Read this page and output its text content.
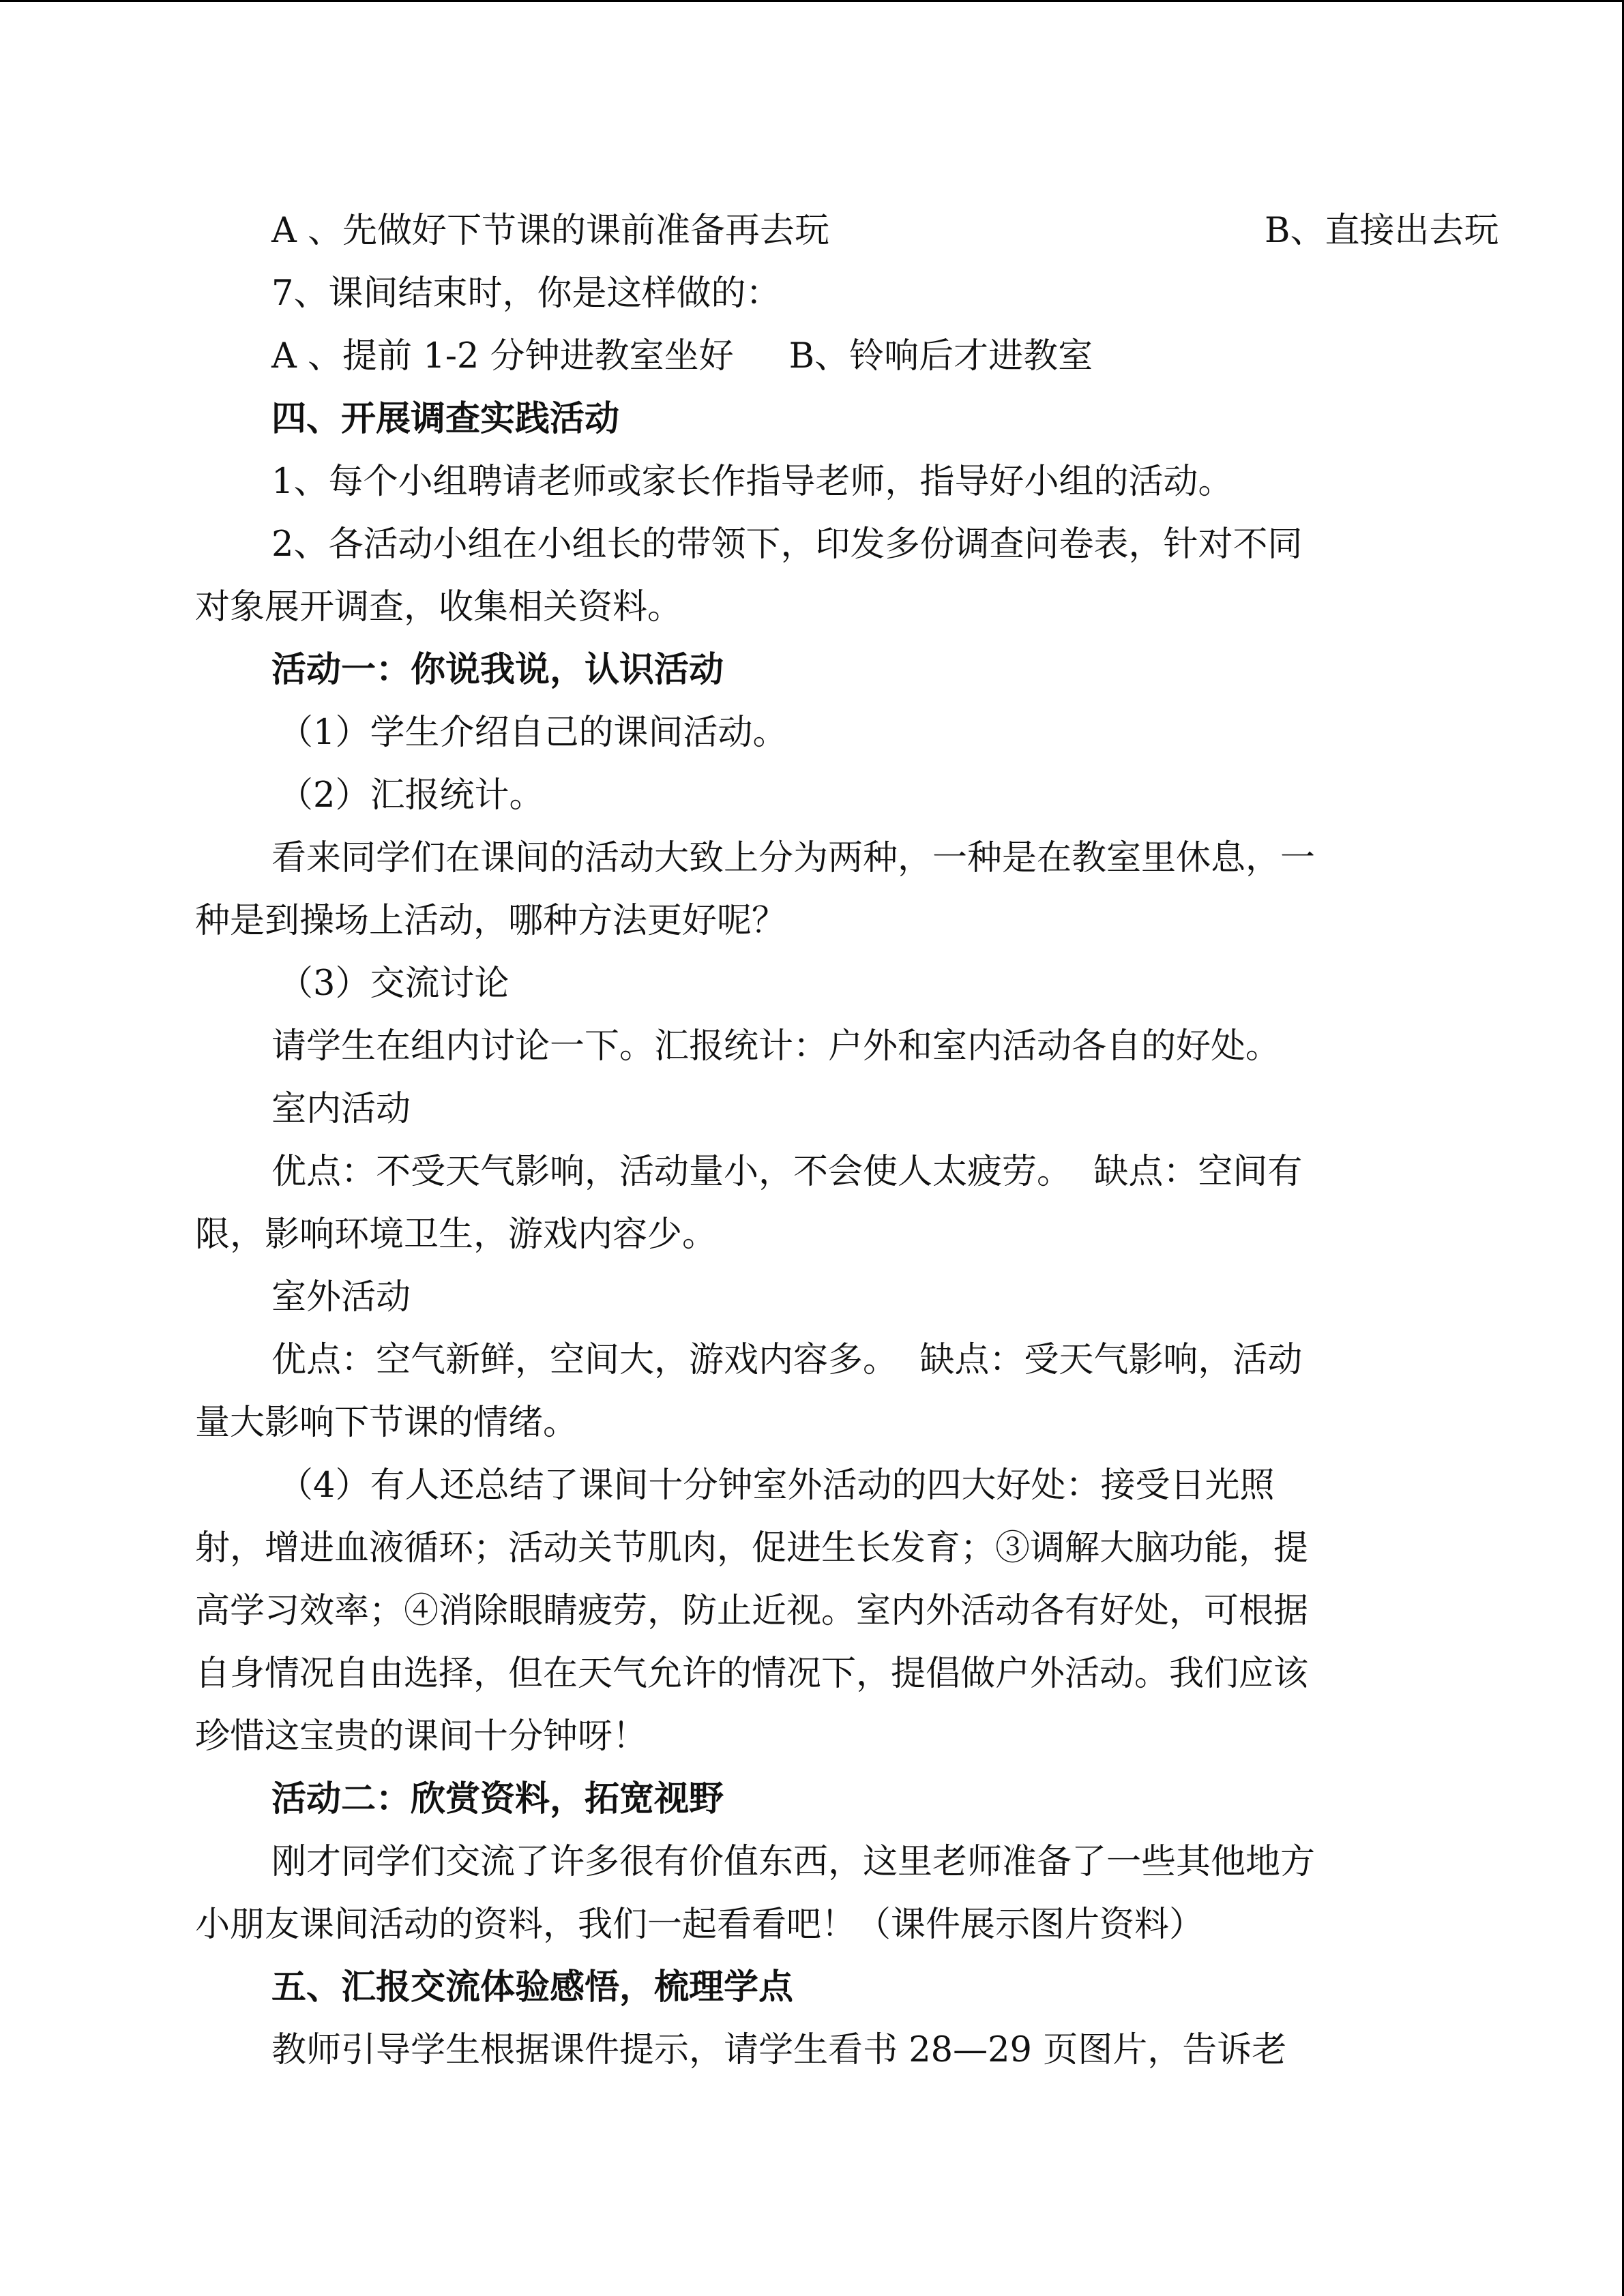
A 、先做好下节课的课前准备再去玩	B、直接出去玩
7、课间结束时，你是这样做的：
A 、提前 1-2 分钟进教室坐好     B、铃响后才进教室
四、开展调查实践活动
1、每个小组聘请老师或家长作指导老师，指导好小组的活动。
2、各活动小组在小组长的带领下，印发多份调查问卷表，针对不同
对象展开调查，收集相关资料。
活动一：你说我说，认识活动
（1）学生介绍自己的课间活动。
（2）汇报统计。
看来同学们在课间的活动大致上分为两种，一种是在教室里休息，一
种是到操场上活动，哪种方法更好呢？
（3）交流讨论
请学生在组内讨论一下。汇报统计：户外和室内活动各自的好处。
室内活动
优点：不受天气影响，活动量小，不会使人太疲劳。  缺点：空间有
限，影响环境卫生，游戏内容少。
室外活动
优点：空气新鲜，空间大，游戏内容多。  缺点：受天气影响，活动
量大影响下节课的情绪。
（4）有人还总结了课间十分钟室外活动的四大好处：接受日光照
射，增进血液循环；活动关节肌肉，促进生长发育；③调解大脑功能，提
高学习效率；④消除眼睛疲劳，防止近视。室内外活动各有好处，可根据
自身情况自由选择，但在天气允许的情况下，提倡做户外活动。我们应该
珍惜这宝贵的课间十分钟呀！
活动二：欣赏资料，拓宽视野
刚才同学们交流了许多很有价值东西，这里老师准备了一些其他地方
小朋友课间活动的资料，我们一起看看吧！（课件展示图片资料）
五、汇报交流体验感悟，梳理学点
教师引导学生根据课件提示，请学生看书 28—29 页图片，告诉老
